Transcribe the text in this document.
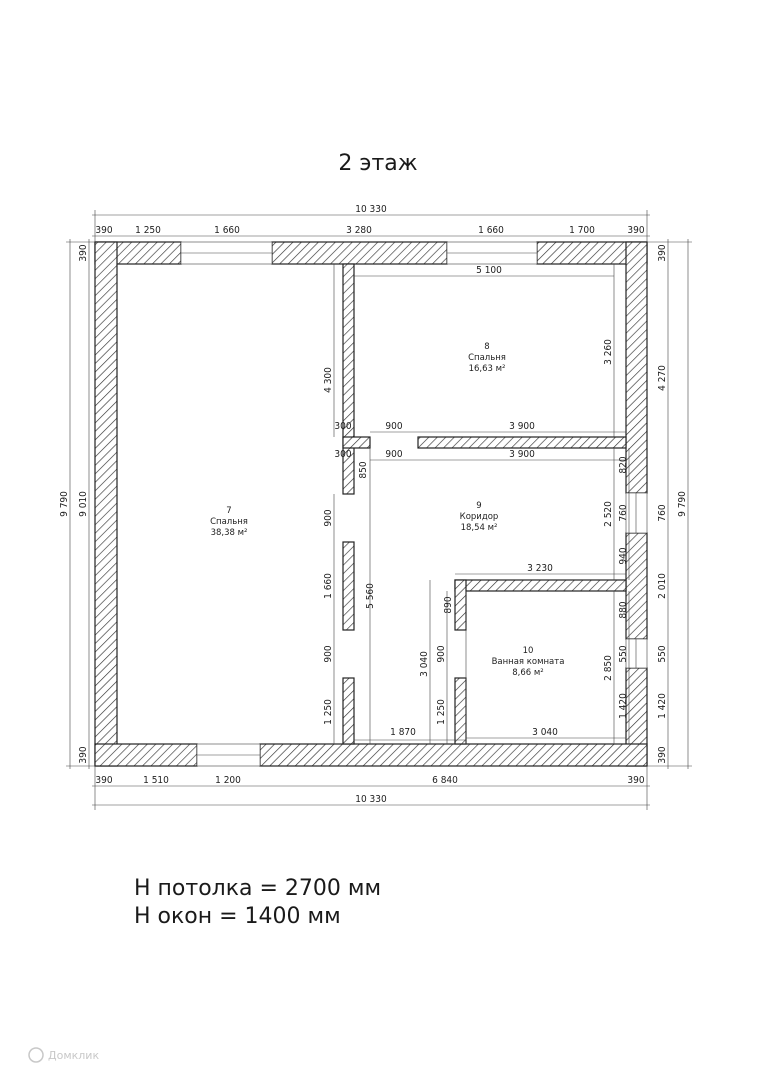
2 этаж
10 330
390 1 250	1 660	3 280	1 660	1 700	390
390	1 510	1 200	6 840	390
10 330
9 790 9 010
390
390
390
4 270
760
2 010
550
1 420
390
9 790
5 100
3 260
4 300
300	900	3 900
300	900	3 900
850
900
1 660
900
1 250
5 560
820
2 520 760
940
3 230
890	880
3 040 900
1 250
550
2 850
1 420
1 870	3 040
7
Спальня
38,38 м²
8
Спальня
16,63 м²
9
Коридор
18,54 м²
10
Ванная комната
8,66 м²
Н потолка = 2700 мм
Н окон = 1400 мм
Домклик
